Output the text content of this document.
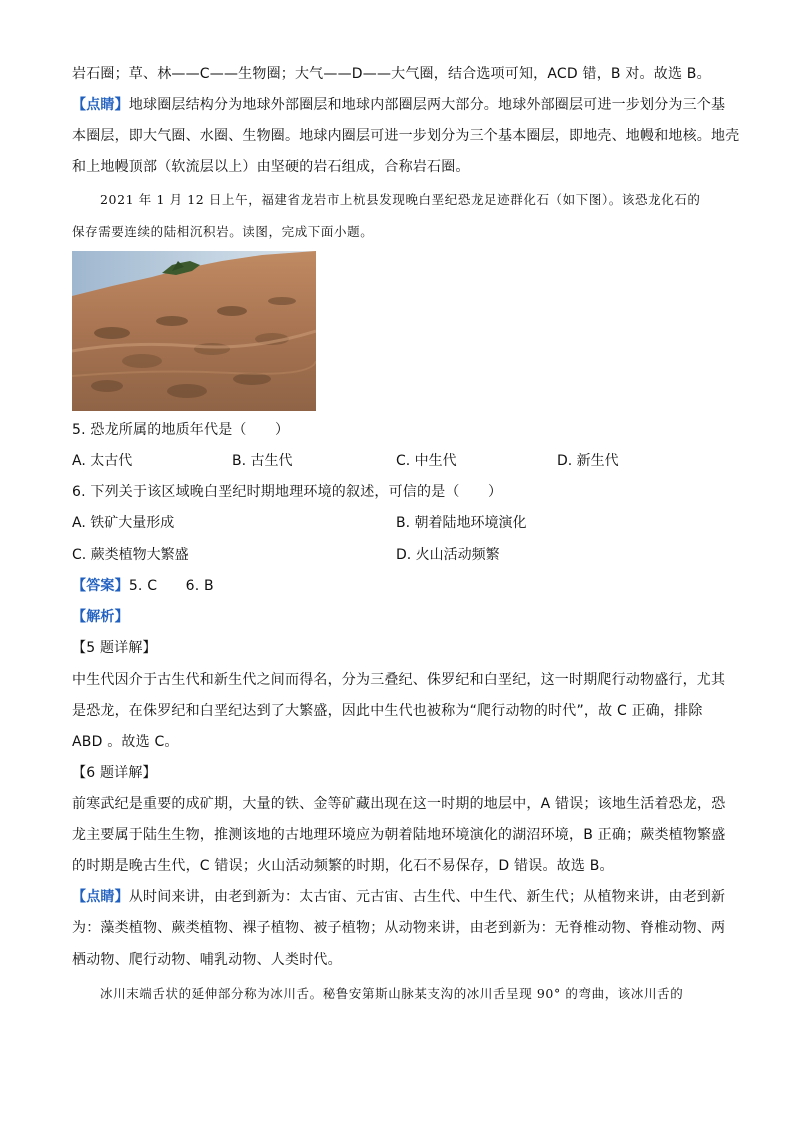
岩石圈；草、林——C——生物圈；大气——D——大气圈，结合选项可知，ACD 错，B 对。故选 B。
【点睛】地球圈层结构分为地球外部圈层和地球内部圈层两大部分。地球外部圈层可进一步划分为三个基
本圈层，即大气圈、水圈、生物圈。地球内圈层可进一步划分为三个基本圈层，即地壳、地幔和地核。地壳
和上地幔顶部（软流层以上）由坚硬的岩石组成，合称岩石圈。
2021 年 1 月 12 日上午，福建省龙岩市上杭县发现晚白垩纪恐龙足迹群化石（如下图）。该恐龙化石的
保存需要连续的陆相沉积岩。读图，完成下面小题。
5. 恐龙所属的地质年代是（　　）
A. 太古代	B. 古生代	C. 中生代	D. 新生代
6. 下列关于该区域晚白垩纪时期地理环境的叙述，可信的是（　　）
A. 铁矿大量形成	B. 朝着陆地环境演化
C. 蕨类植物大繁盛	D. 火山活动频繁
【答案】5. C　　6. B
【解析】
【5 题详解】
中生代因介于古生代和新生代之间而得名，分为三叠纪、侏罗纪和白垩纪，这一时期爬行动物盛行，尤其
是恐龙，在侏罗纪和白垩纪达到了大繁盛，因此中生代也被称为“爬行动物的时代”，故 C 正确，排除
ABD 。故选 C。
【6 题详解】
前寒武纪是重要的成矿期，大量的铁、金等矿藏出现在这一时期的地层中，A 错误；该地生活着恐龙，恐
龙主要属于陆生生物，推测该地的古地理环境应为朝着陆地环境演化的湖沼环境，B 正确；蕨类植物繁盛
的时期是晚古生代，C 错误；火山活动频繁的时期，化石不易保存，D 错误。故选 B。
【点睛】从时间来讲，由老到新为：太古宙、元古宙、古生代、中生代、新生代；从植物来讲，由老到新
为：藻类植物、蕨类植物、裸子植物、被子植物；从动物来讲，由老到新为：无脊椎动物、脊椎动物、两
栖动物、爬行动物、哺乳动物、人类时代。
冰川末端舌状的延伸部分称为冰川舌。秘鲁安第斯山脉某支沟的冰川舌呈现 90° 的弯曲，该冰川舌的
